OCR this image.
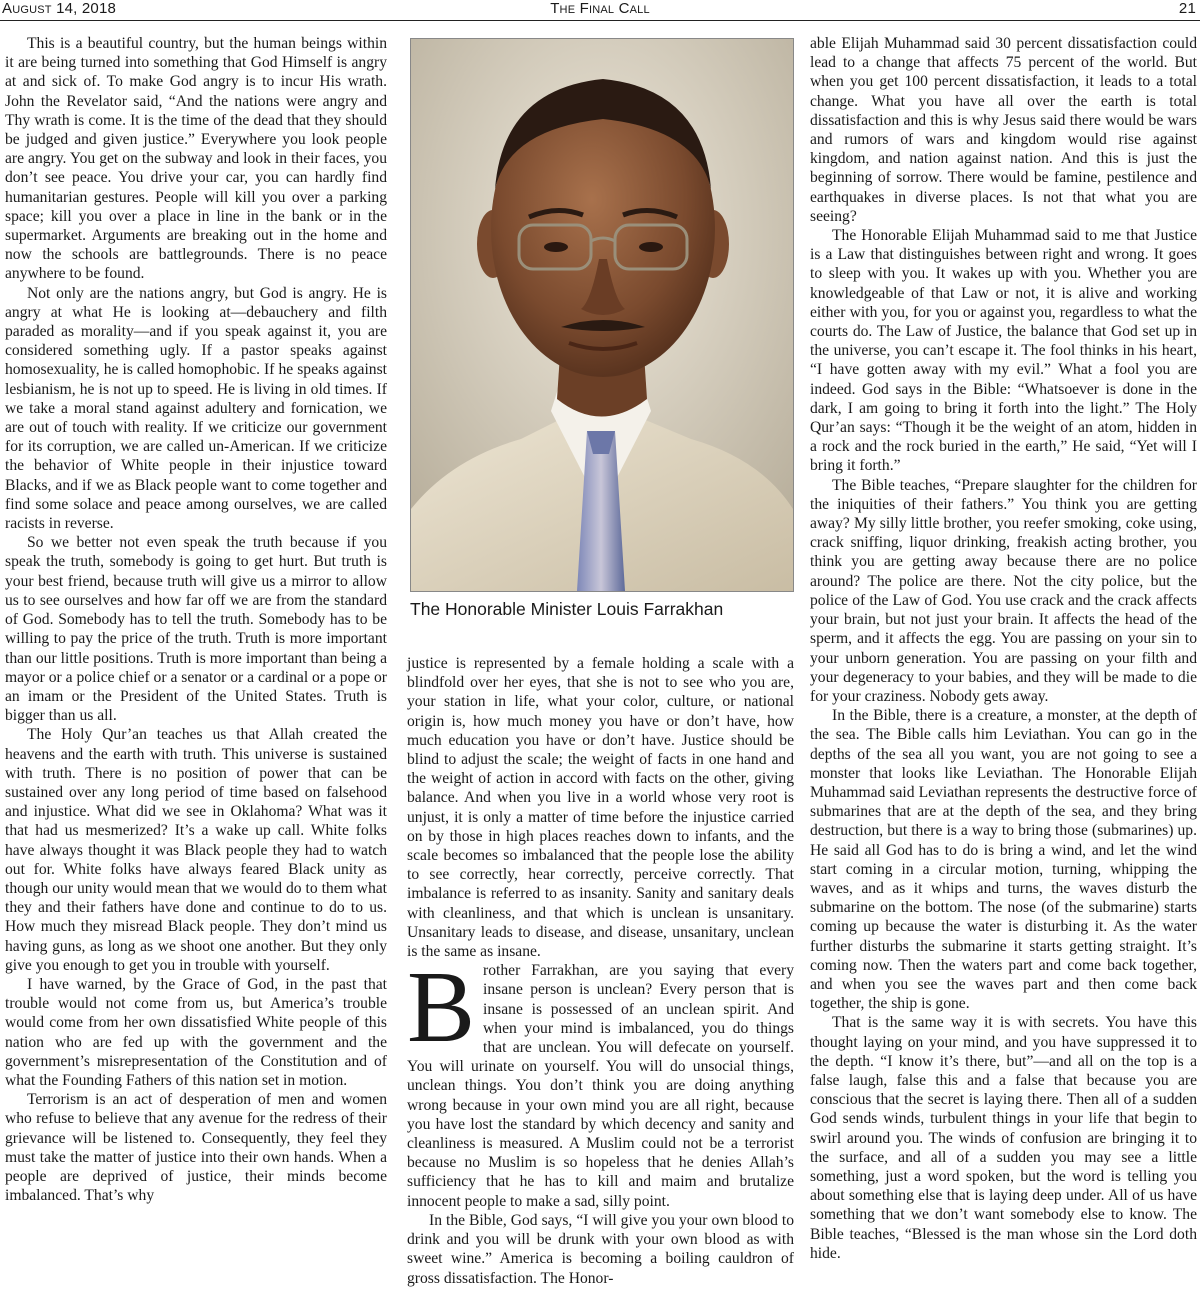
August 14, 2018	The Final Call	21

This is a beautiful country, but the human beings within it are being turned into something that God Himself is angry at and sick of. To make God angry is to incur His wrath. John the Revelator said, “And the nations were angry and Thy wrath is come. It is the time of the dead that they should be judged and given justice.” Everywhere you look people are angry. You get on the subway and look in their faces, you don’t see peace. You drive your car, you can hardly find humanitarian gestures. People will kill you over a parking space; kill you over a place in line in the bank or in the supermarket. Arguments are breaking out in the home and now the schools are battlegrounds. There is no peace anywhere to be found.

Not only are the nations angry, but God is angry. He is angry at what He is looking at—debauchery and filth paraded as morality—and if you speak against it, you are considered something ugly. If a pastor speaks against homosexuality, he is called homophobic. If he speaks against lesbianism, he is not up to speed. He is living in old times. If we take a moral stand against adultery and fornication, we are out of touch with reality. If we criticize our government for its corruption, we are called un-American. If we criticize the behavior of White people in their injustice toward Blacks, and if we as Black people want to come together and find some solace and peace among ourselves, we are called racists in reverse.

So we better not even speak the truth because if you speak the truth, somebody is going to get hurt. But truth is your best friend, because truth will give us a mirror to allow us to see ourselves and how far off we are from the standard of God. Somebody has to tell the truth. Somebody has to be willing to pay the price of the truth. Truth is more important than our little positions. Truth is more important than being a mayor or a police chief or a senator or a cardinal or a pope or an imam or the President of the United States. Truth is bigger than us all.

The Holy Qur’an teaches us that Allah created the heavens and the earth with truth. This universe is sustained with truth. There is no position of power that can be sustained over any long period of time based on falsehood and injustice. What did we see in Oklahoma? What was it that had us mesmerized? It’s a wake up call. White folks have always thought it was Black people they had to watch out for. White folks have always feared Black unity as though our unity would mean that we would do to them what they and their fathers have done and continue to do to us. How much they misread Black people. They don’t mind us having guns, as long as we shoot one another. But they only give you enough to get you in trouble with yourself.

I have warned, by the Grace of God, in the past that trouble would not come from us, but America’s trouble would come from her own dissatisfied White people of this nation who are fed up with the government and the government’s misrepresentation of the Constitution and of what the Founding Fathers of this nation set in motion.

Terrorism is an act of desperation of men and women who refuse to believe that any avenue for the redress of their grievance will be listened to. Consequently, they feel they must take the matter of justice into their own hands. When a people are deprived of justice, their minds become imbalanced. That’s why

The Honorable Minister Louis Farrakhan

justice is represented by a female holding a scale with a blindfold over her eyes, that she is not to see who you are, your station in life, what your color, culture, or national origin is, how much money you have or don’t have, how much education you have or don’t have. Justice should be blind to adjust the scale; the weight of facts in one hand and the weight of action in accord with facts on the other, giving balance. And when you live in a world whose very root is unjust, it is only a matter of time before the injustice carried on by those in high places reaches down to infants, and the scale becomes so imbalanced that the people lose the ability to see correctly, hear correctly, perceive correctly. That imbalance is referred to as insanity. Sanity and sanitary deals with cleanliness, and that which is unclean is unsanitary. Unsanitary leads to disease, and disease, unsanitary, unclean is the same as insane.

Brother Farrakhan, are you saying that every insane person is unclean? Every person that is insane is possessed of an unclean spirit. And when your mind is imbalanced, you do things that are unclean. You will defecate on yourself. You will urinate on yourself. You will do unsocial things, unclean things. You don’t think you are doing anything wrong because in your own mind you are all right, because you have lost the standard by which decency and sanity and cleanliness is measured. A Muslim could not be a terrorist because no Muslim is so hopeless that he denies Allah’s sufficiency that he has to kill and maim and brutalize innocent people to make a sad, silly point.

In the Bible, God says, “I will give you your own blood to drink and you will be drunk with your own blood as with sweet wine.” America is becoming a boiling cauldron of gross dissatisfaction. The Honor-

able Elijah Muhammad said 30 percent dissatisfaction could lead to a change that affects 75 percent of the world. But when you get 100 percent dissatisfaction, it leads to a total change. What you have all over the earth is total dissatisfaction and this is why Jesus said there would be wars and rumors of wars and kingdom would rise against kingdom, and nation against nation. And this is just the beginning of sorrow. There would be famine, pestilence and earthquakes in diverse places. Is not that what you are seeing?

The Honorable Elijah Muhammad said to me that Justice is a Law that distinguishes between right and wrong. It goes to sleep with you. It wakes up with you. Whether you are knowledgeable of that Law or not, it is alive and working either with you, for you or against you, regardless to what the courts do. The Law of Justice, the balance that God set up in the universe, you can’t escape it. The fool thinks in his heart, “I have gotten away with my evil.” What a fool you are indeed. God says in the Bible: “Whatsoever is done in the dark, I am going to bring it forth into the light.” The Holy Qur’an says: “Though it be the weight of an atom, hidden in a rock and the rock buried in the earth,” He said, “Yet will I bring it forth.”

The Bible teaches, “Prepare slaughter for the children for the iniquities of their fathers.” You think you are getting away? My silly little brother, you reefer smoking, coke using, crack sniffing, liquor drinking, freakish acting brother, you think you are getting away because there are no police around? The police are there. Not the city police, but the police of the Law of God. You use crack and the crack affects your brain, but not just your brain. It affects the head of the sperm, and it affects the egg. You are passing on your sin to your unborn generation. You are passing on your filth and your degeneracy to your babies, and they will be made to die for your craziness. Nobody gets away.

In the Bible, there is a creature, a monster, at the depth of the sea. The Bible calls him Leviathan. You can go in the depths of the sea all you want, you are not going to see a monster that looks like Leviathan. The Honorable Elijah Muhammad said Leviathan represents the destructive force of submarines that are at the depth of the sea, and they bring destruction, but there is a way to bring those (submarines) up. He said all God has to do is bring a wind, and let the wind start coming in a circular motion, turning, whipping the waves, and as it whips and turns, the waves disturb the submarine on the bottom. The nose (of the submarine) starts coming up because the water is disturbing it. As the water further disturbs the submarine it starts getting straight. It’s coming now. Then the waters part and come back together, and when you see the waves part and then come back together, the ship is gone.

That is the same way it is with secrets. You have this thought laying on your mind, and you have suppressed it to the depth. “I know it’s there, but”—and all on the top is a false laugh, false this and a false that because you are conscious that the secret is laying there. Then all of a sudden God sends winds, turbulent things in your life that begin to swirl around you. The winds of confusion are bringing it to the surface, and all of a sudden you may see a little something, just a word spoken, but the word is telling you about something else that is laying deep under. All of us have something that we don’t want somebody else to know. The Bible teaches, “Blessed is the man whose sin the Lord doth hide.
